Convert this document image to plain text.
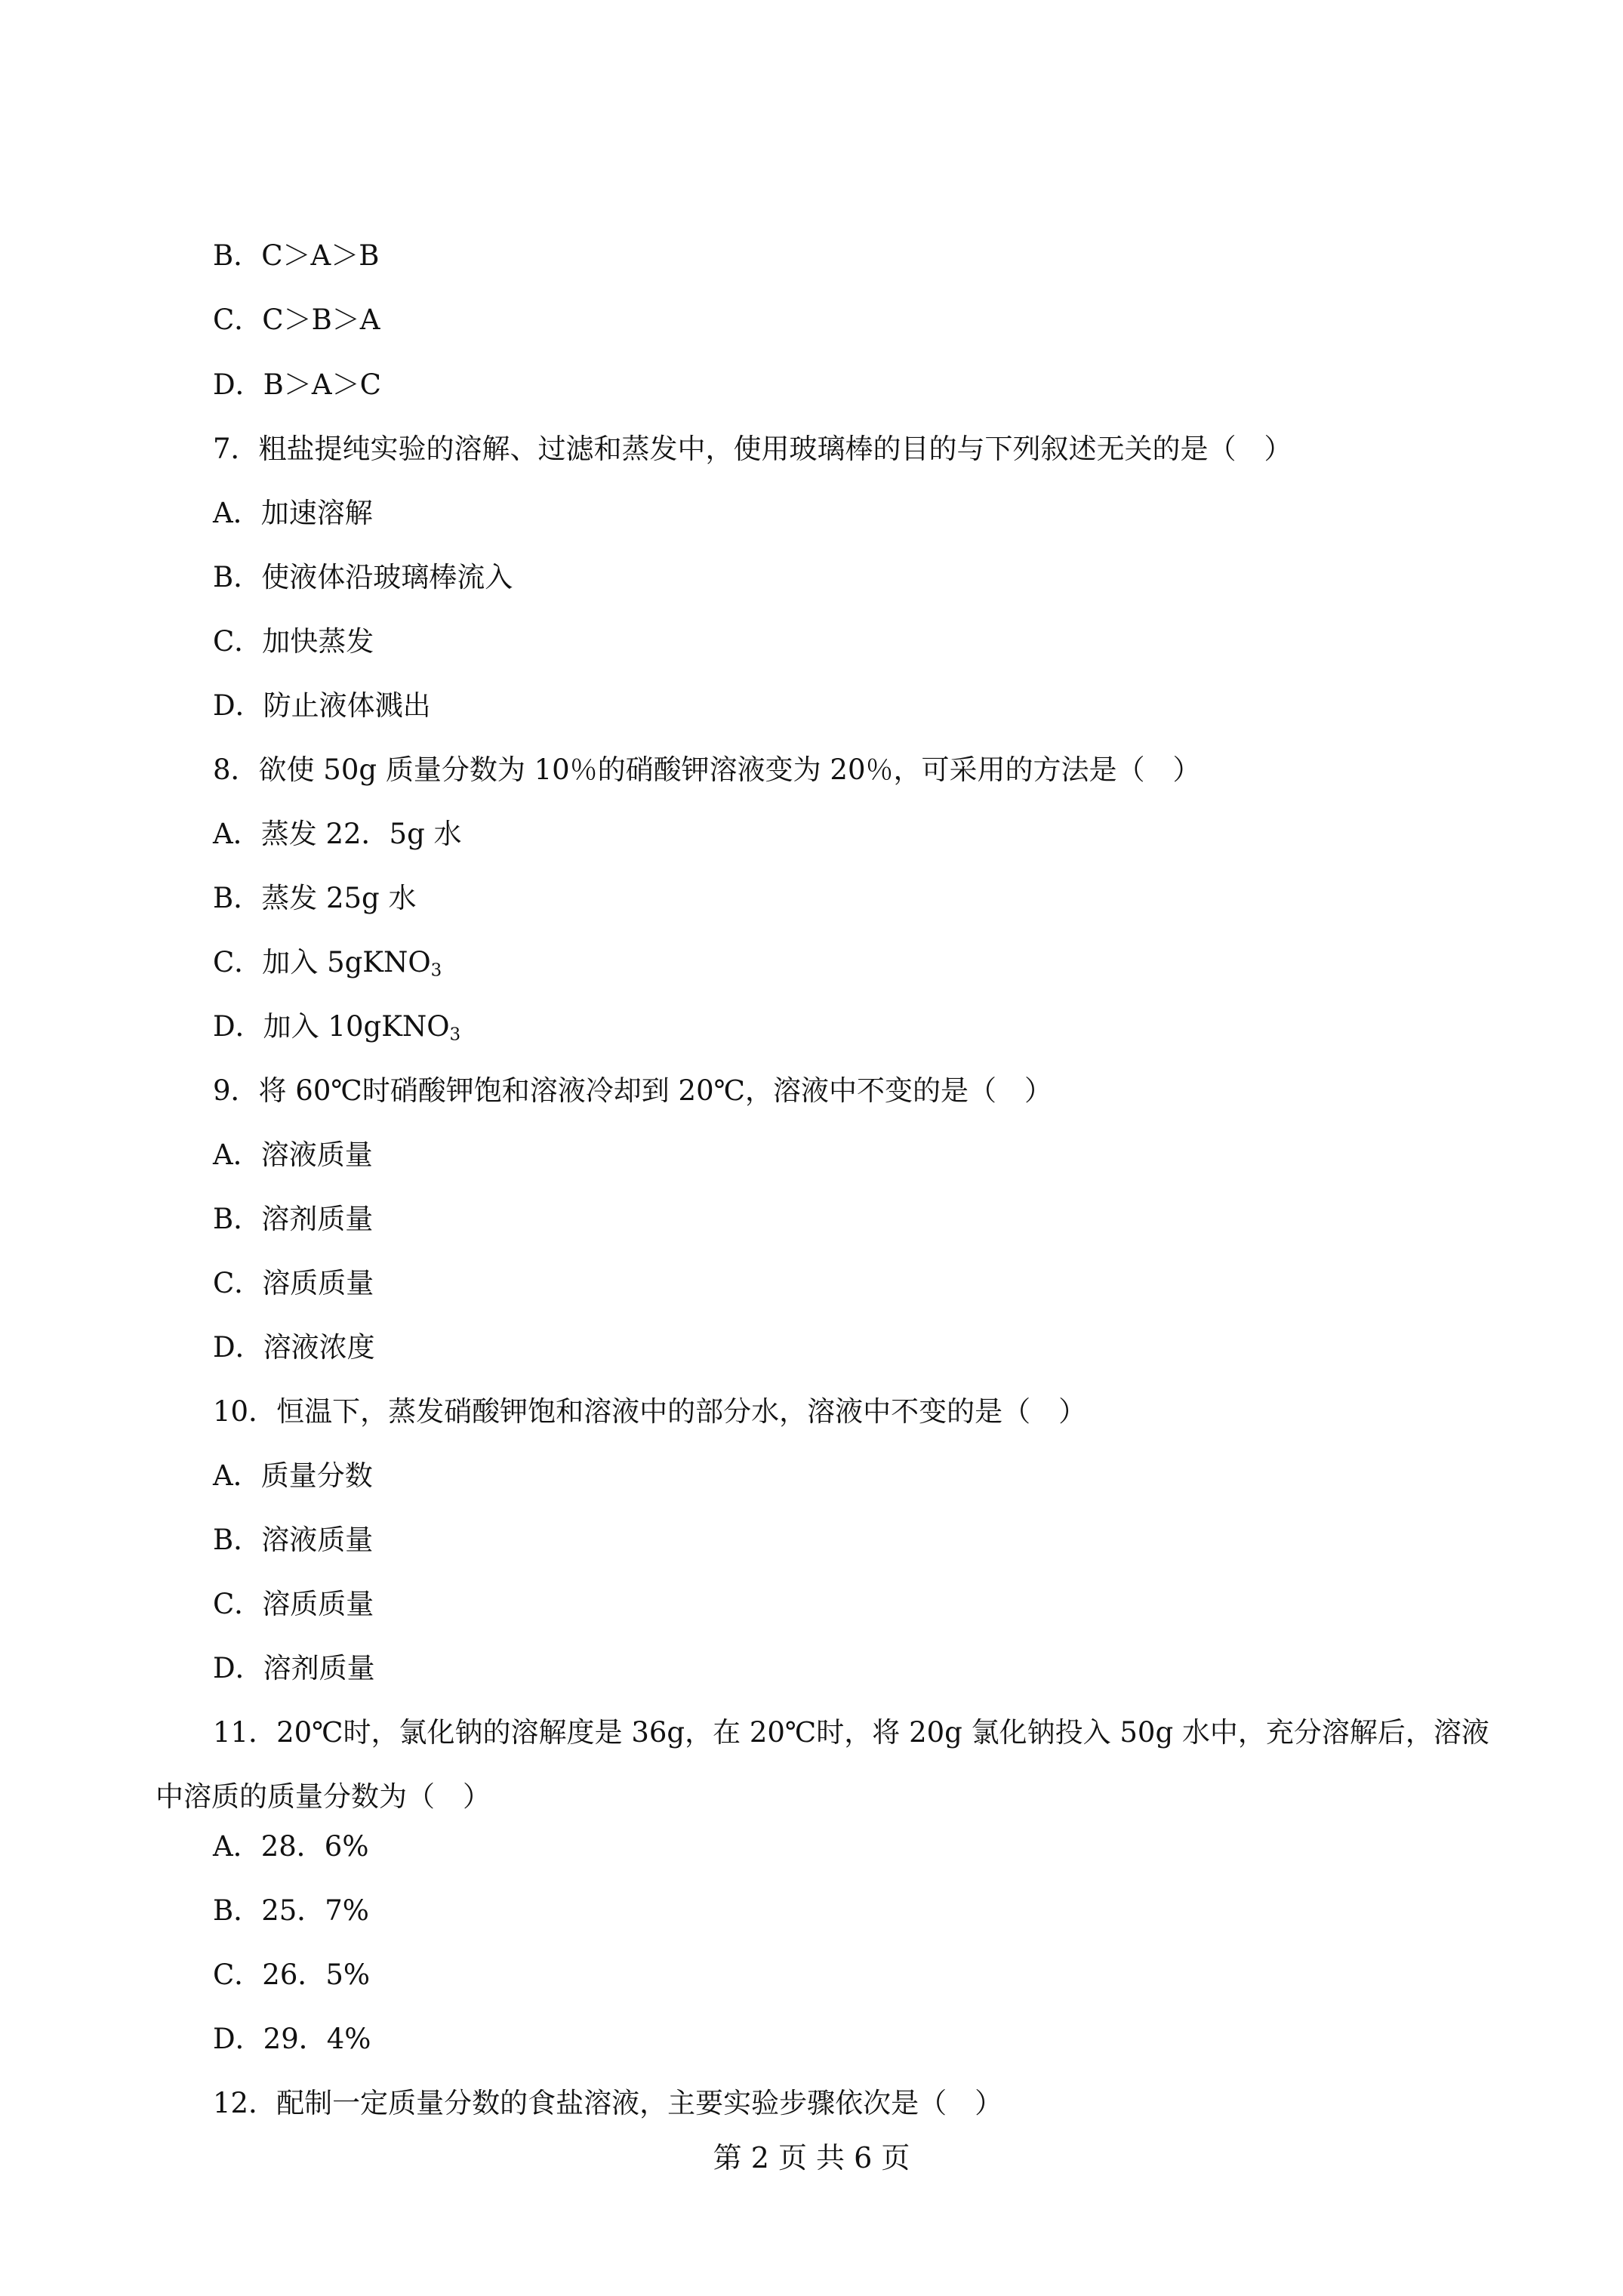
B．C＞A＞B
C．C＞B＞A
D．B＞A＞C
7．粗盐提纯实验的溶解、过滤和蒸发中，使用玻璃棒的目的与下列叙述无关的是（　）
A．加速溶解
B．使液体沿玻璃棒流入
C．加快蒸发
D．防止液体溅出
8．欲使 50g 质量分数为 10％的硝酸钾溶液变为 20％，可采用的方法是（　）
A．蒸发 22．5g 水
B．蒸发 25g 水
C．加入 5gKNO$_3$
D．加入 10gKNO$_3$
9．将 60℃时硝酸钾饱和溶液冷却到 20℃，溶液中不变的是（　）
A．溶液质量
B．溶剂质量
C．溶质质量
D．溶液浓度
10．恒温下，蒸发硝酸钾饱和溶液中的部分水，溶液中不变的是（　）
A．质量分数
B．溶液质量
C．溶质质量
D．溶剂质量
11．20℃时，氯化钠的溶解度是 36g，在 20℃时，将 20g 氯化钠投入 50g 水中，充分溶解后，溶液中溶质的质量分数为（　）
A．28．6%
B．25．7%
C．26．5%
D．29．4%
12．配制一定质量分数的食盐溶液，主要实验步骤依次是（　）
第 2 页 共 6 页
